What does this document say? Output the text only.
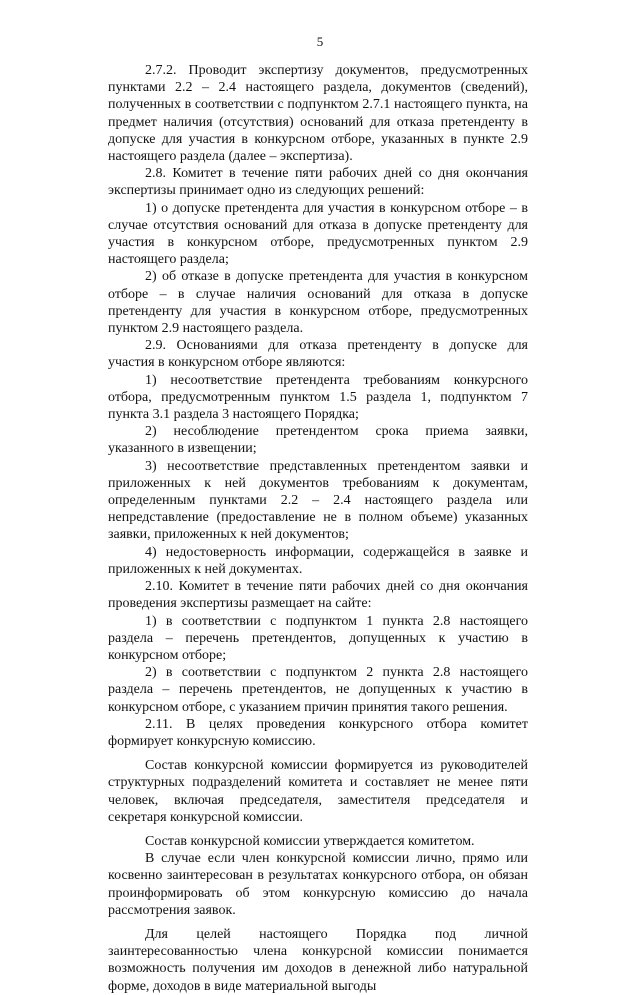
5

2.7.2. Проводит экспертизу документов, предусмотренных пунктами 2.2 – 2.4 настоящего раздела, документов (сведений), полученных в соответствии с подпунктом 2.7.1 настоящего пункта, на предмет наличия (отсутствия) оснований для отказа претенденту в допуске для участия в конкурсном отборе, указанных в пункте 2.9 настоящего раздела (далее – экспертиза).

2.8. Комитет в течение пяти рабочих дней со дня окончания экспертизы принимает одно из следующих решений:

1) о допуске претендента для участия в конкурсном отборе – в случае отсутствия оснований для отказа в допуске претенденту для участия в конкурсном отборе, предусмотренных пунктом 2.9 настоящего раздела;

2) об отказе в допуске претендента для участия в конкурсном отборе – в случае наличия оснований для отказа в допуске претенденту для участия в конкурсном отборе, предусмотренных пунктом 2.9 настоящего раздела.

2.9. Основаниями для отказа претенденту в допуске для участия в конкурсном отборе являются:

1) несоответствие претендента требованиям конкурсного отбора, предусмотренным пунктом 1.5 раздела 1, подпунктом 7 пункта 3.1 раздела 3 настоящего Порядка;

2) несоблюдение претендентом срока приема заявки, указанного в извещении;

3) несоответствие представленных претендентом заявки и приложенных к ней документов требованиям к документам, определенным пунктами 2.2 – 2.4 настоящего раздела или непредставление (предоставление не в полном объеме) указанных заявки, приложенных к ней документов;

4) недостоверность информации, содержащейся в заявке и приложенных к ней документах.

2.10. Комитет в течение пяти рабочих дней со дня окончания проведения экспертизы размещает на сайте:

1) в соответствии с подпунктом 1 пункта 2.8 настоящего раздела – перечень претендентов, допущенных к участию в конкурсном отборе;

2) в соответствии с подпунктом 2 пункта 2.8 настоящего раздела – перечень претендентов, не допущенных к участию в конкурсном отборе, с указанием причин принятия такого решения.

2.11. В целях проведения конкурсного отбора комитет формирует конкурсную комиссию.

Состав конкурсной комиссии формируется из руководителей структурных подразделений комитета и составляет не менее пяти человек, включая председателя, заместителя председателя и секретаря конкурсной комиссии.

Состав конкурсной комиссии утверждается комитетом.

В случае если член конкурсной комиссии лично, прямо или косвенно заинтересован в результатах конкурсного отбора, он обязан проинформировать об этом конкурсную комиссию до начала рассмотрения заявок.

Для целей настоящего Порядка под личной заинтересованностью члена конкурсной комиссии понимается возможность получения им доходов в денежной либо натуральной форме, доходов в виде материальной выгоды
